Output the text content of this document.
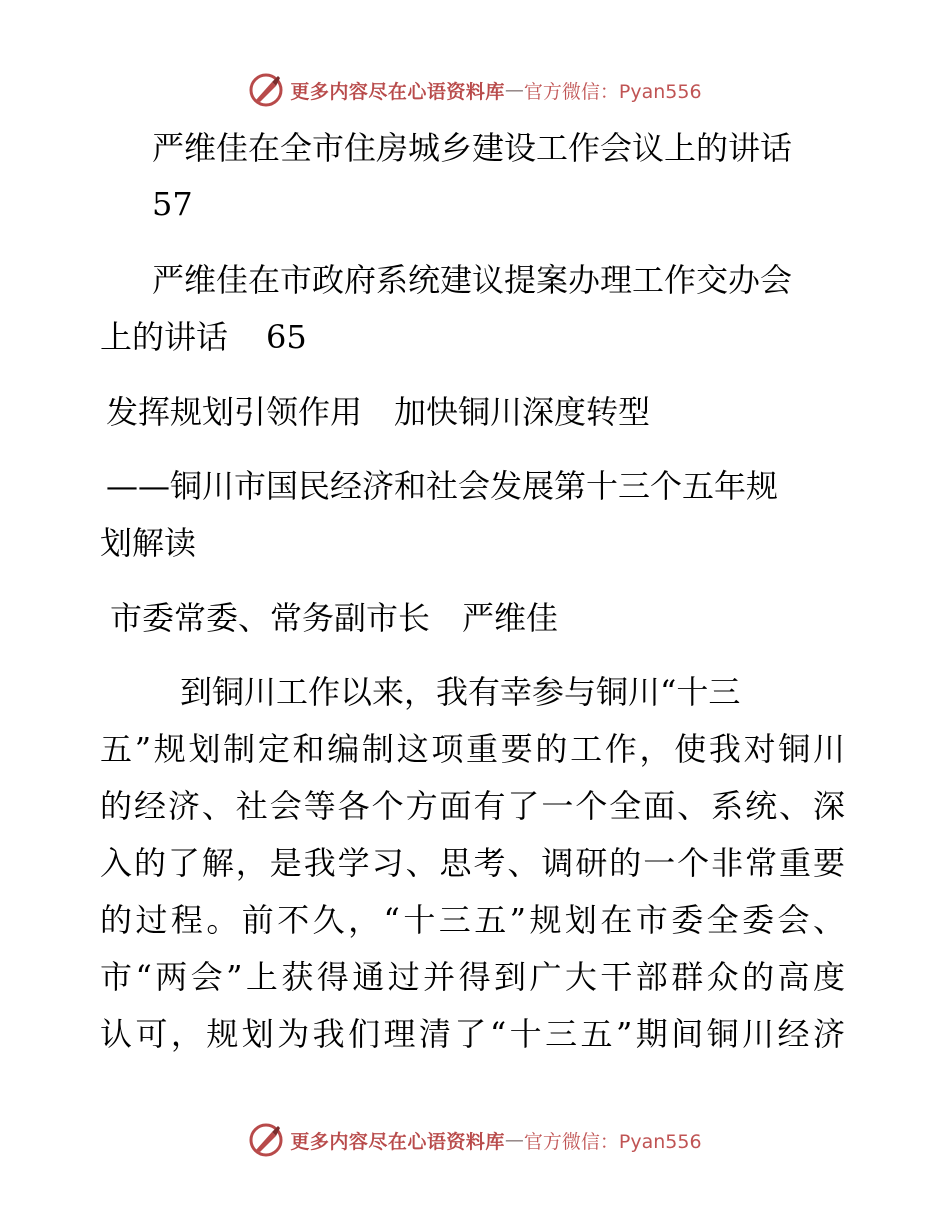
更多内容尽在心语资料库 — 官方微信：Pyan556

严维佳在全市住房城乡建设工作会议上的讲话

57

严维佳在市政府系统建议提案办理工作交办会

上的讲话 65

发挥规划引领作用　加快铜川深度转型

——铜川市国民经济和社会发展第十三个五年规

划解读

市委常委、常务副市长　严维佳

到铜川工作以来，我有幸参与铜川“十三

五”规划制定和编制这项重要的工作，使我对铜川

的经济、社会等各个方面有了一个全面、系统、深

入的了解，是我学习、思考、调研的一个非常重要

的过程。前不久，“十三五”规划在市委全委会、

市“两会”上获得通过并得到广大干部群众的高度

认可，规划为我们理清了“十三五”期间铜川经济

更多内容尽在心语资料库 — 官方微信：Pyan556
